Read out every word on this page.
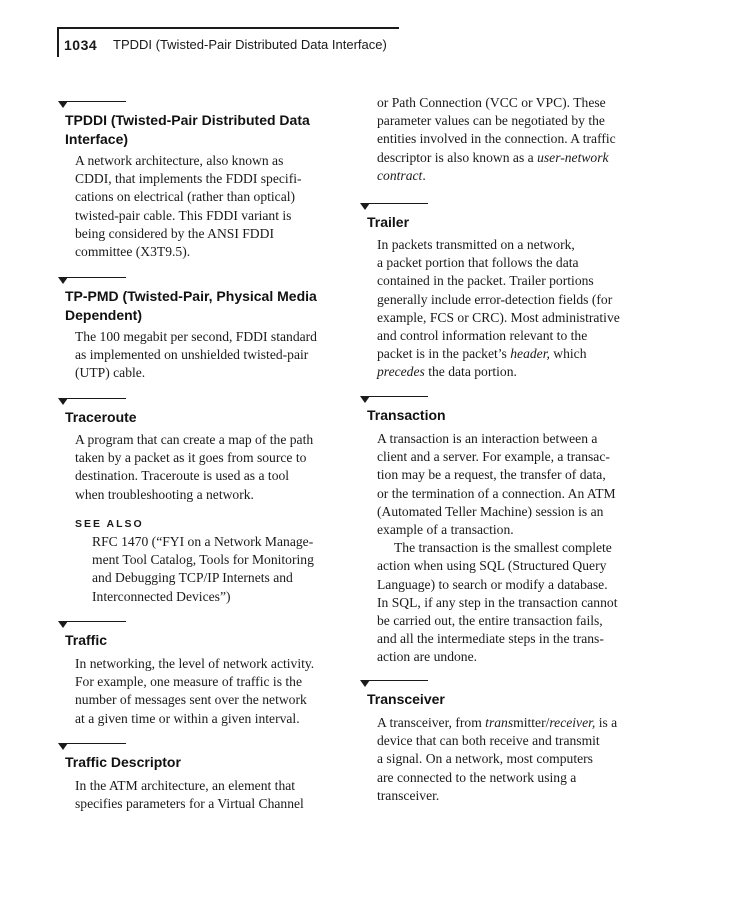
1034 TPDDI (Twisted-Pair Distributed Data Interface)
TPDDI (Twisted-Pair Distributed Data
Interface)
A network architecture, also known as
CDDI, that implements the FDDI specifi-
cations on electrical (rather than optical)
twisted-pair cable. This FDDI variant is
being considered by the ANSI FDDI
committee (X3T9.5).
TP-PMD (Twisted-Pair, Physical Media
Dependent)
The 100 megabit per second, FDDI standard
as implemented on unshielded twisted-pair
(UTP) cable.
Traceroute
A program that can create a map of the path
taken by a packet as it goes from source to
destination. Traceroute is used as a tool
when troubleshooting a network.
SEE ALSO
RFC 1470 (“FYI on a Network Manage-
ment Tool Catalog, Tools for Monitoring
and Debugging TCP/IP Internets and
Interconnected Devices”)
Traffic
In networking, the level of network activity.
For example, one measure of traffic is the
number of messages sent over the network
at a given time or within a given interval.
Traffic Descriptor
In the ATM architecture, an element that
specifies parameters for a Virtual Channel
or Path Connection (VCC or VPC). These
parameter values can be negotiated by the
entities involved in the connection. A traffic
descriptor is also known as a user-network
contract.
Trailer
In packets transmitted on a network,
a packet portion that follows the data
contained in the packet. Trailer portions
generally include error-detection fields (for
example, FCS or CRC). Most administrative
and control information relevant to the
packet is in the packet’s header, which
precedes the data portion.
Transaction
A transaction is an interaction between a
client and a server. For example, a transac-
tion may be a request, the transfer of data,
or the termination of a connection. An ATM
(Automated Teller Machine) session is an
example of a transaction.
The transaction is the smallest complete
action when using SQL (Structured Query
Language) to search or modify a database.
In SQL, if any step in the transaction cannot
be carried out, the entire transaction fails,
and all the intermediate steps in the trans-
action are undone.
Transceiver
A transceiver, from transmitter/receiver, is a
device that can both receive and transmit
a signal. On a network, most computers
are connected to the network using a
transceiver.
